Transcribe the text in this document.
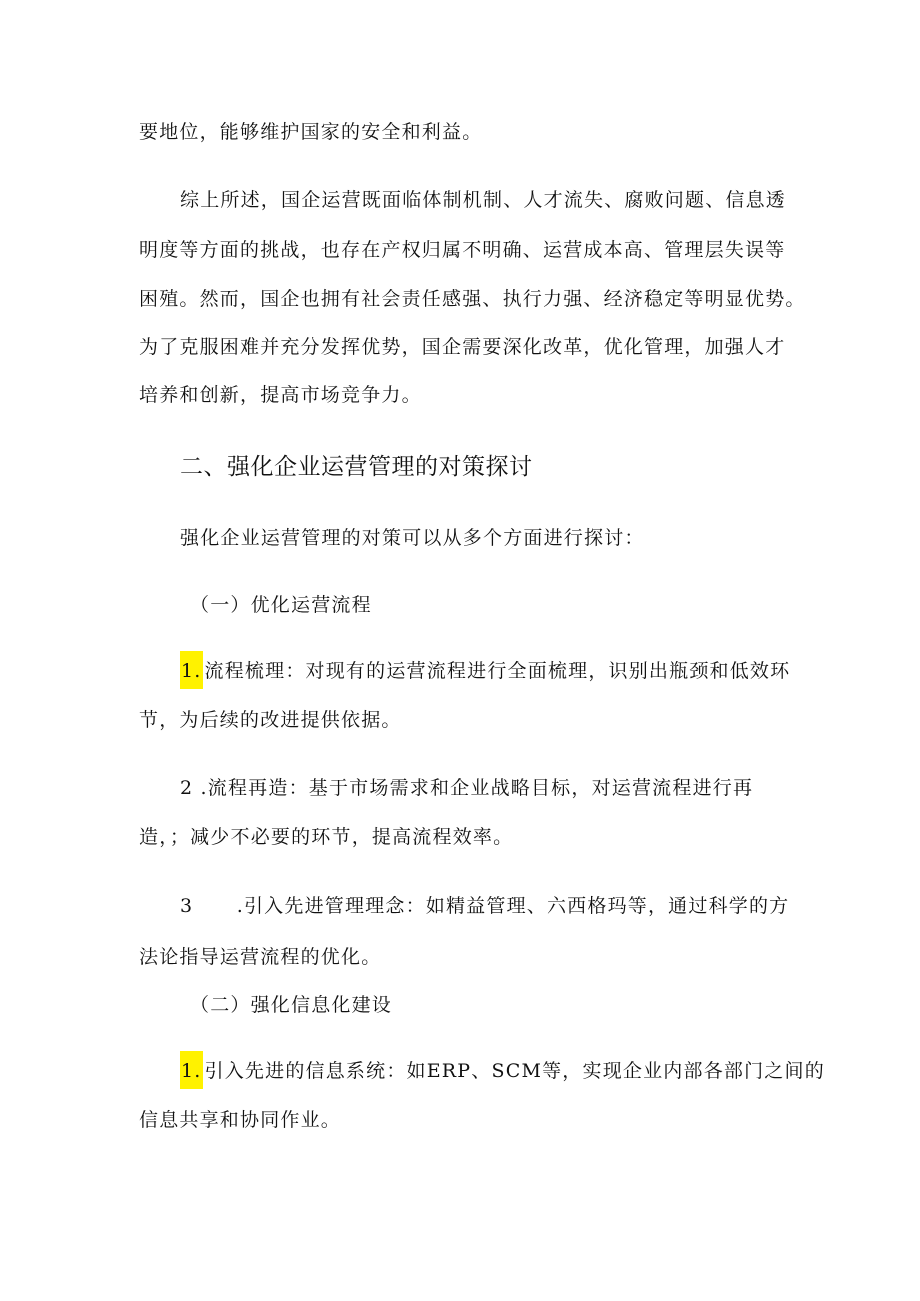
要地位，能够维护国家的安全和利益。
综上所述，国企运营既面临体制机制、人才流失、腐败问题、信息透
明度等方面的挑战，也存在产权归属不明确、运营成本高、管理层失误等
困殖。然而，国企也拥有社会责任感强、执行力强、经济稳定等明显优势。
为了克服困难并充分发挥优势，国企需要深化改革，优化管理，加强人才
培养和创新，提高市场竞争力。
二、强化企业运营管理的对策探讨
强化企业运营管理的对策可以从多个方面进行探讨：
（一）优化运营流程
1. 流程梳理：对现有的运营流程进行全面梳理，识别出瓶颈和低效环
节，为后续的改进提供依据。
2 .流程再造：基于市场需求和企业战略目标，对运营流程进行再
造，；减少不必要的环节，提高流程效率。
3      .引入先进管理理念：如精益管理、六西格玛等，通过科学的方
法论指导运营流程的优化。
（二）强化信息化建设
1. 引入先进的信息系统：如ERP、SCM等，实现企业内部各部门之间的
信息共享和协同作业。
